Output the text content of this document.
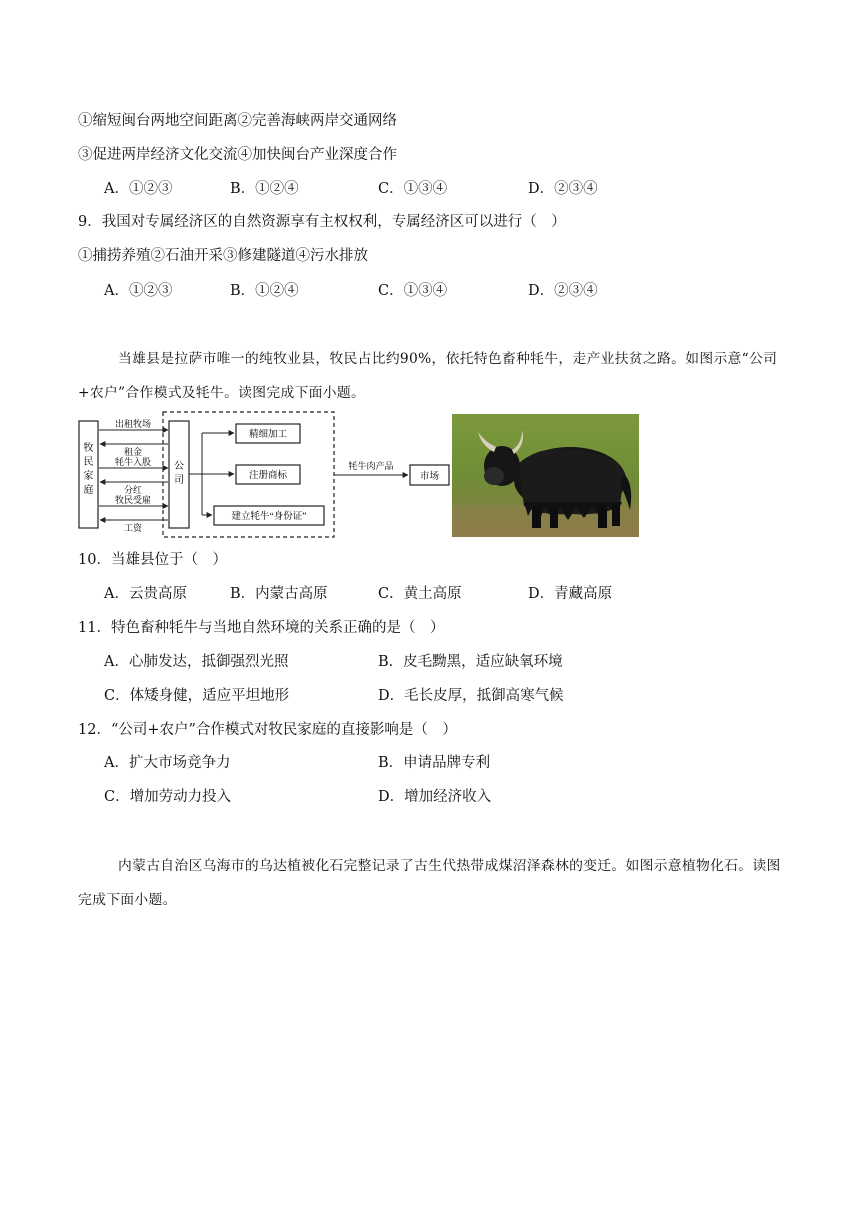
①缩短闽台两地空间距离②完善海峡两岸交通网络
③促进两岸经济文化交流④加快闽台产业深度合作
A．①②③	B．①②④	C．①③④	D．②③④
9．我国对专属经济区的自然资源享有主权权利，专属经济区可以进行（　）
①捕捞养殖②石油开采③修建隧道④污水排放
A．①②③	B．①②④	C．①③④	D．②③④
当雄县是拉萨市唯一的纯牧业县，牧民占比约90%，依托特色畜种牦牛，走产业扶贫之路。如图示意“公司+农户”合作模式及牦牛。读图完成下面小题。
牧民家庭
公司
出租牧场
租金
牦牛入股
分红
牧民受雇
工资
精细加工
注册商标
建立牦牛“身份证”
牦牛肉产品
市场
10．当雄县位于（　）
A．云贵高原	B．内蒙古高原	C．黄土高原	D．青藏高原
11．特色畜种牦牛与当地自然环境的关系正确的是（　）
A．心肺发达，抵御强烈光照	B．皮毛黝黑，适应缺氧环境
C．体矮身健，适应平坦地形	D．毛长皮厚，抵御高寒气候
12．“公司+农户”合作模式对牧民家庭的直接影响是（　）
A．扩大市场竞争力	B．申请品牌专利
C．增加劳动力投入	D．增加经济收入
内蒙古自治区乌海市的乌达植被化石完整记录了古生代热带成煤沼泽森林的变迁。如图示意植物化石。读图完成下面小题。
